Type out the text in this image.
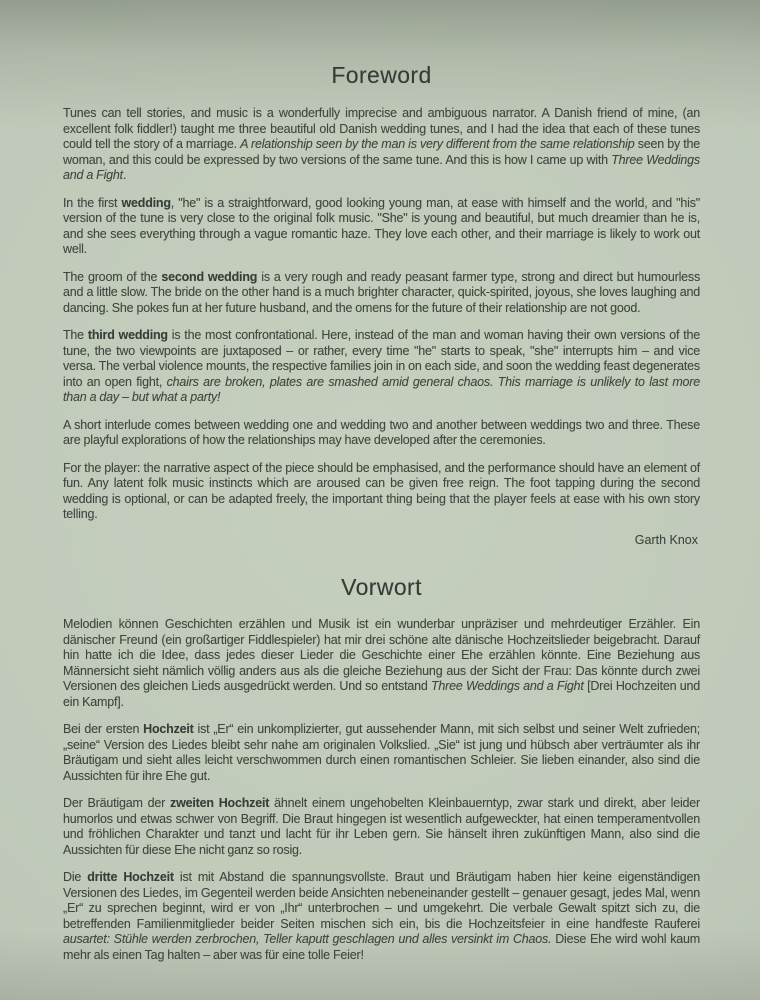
Foreword

Tunes can tell stories, and music is a wonderfully imprecise and ambiguous narrator. A Danish friend of mine, (an excellent folk fiddler!) taught me three beautiful old Danish wedding tunes, and I had the idea that each of these tunes could tell the story of a marriage. A relationship seen by the man is very different from the same relationship seen by the woman, and this could be expressed by two versions of the same tune. And this is how I came up with Three Weddings and a Fight.

In the first wedding, "he" is a straightforward, good looking young man, at ease with himself and the world, and "his" version of the tune is very close to the original folk music. "She" is young and beautiful, but much dreamier than he is, and she sees everything through a vague romantic haze. They love each other, and their marriage is likely to work out well.

The groom of the second wedding is a very rough and ready peasant farmer type, strong and direct but humourless and a little slow. The bride on the other hand is a much brighter character, quick-spirited, joyous, she loves laughing and dancing. She pokes fun at her future husband, and the omens for the future of their relationship are not good.

The third wedding is the most confrontational. Here, instead of the man and woman having their own versions of the tune, the two viewpoints are juxtaposed – or rather, every time "he" starts to speak, "she" interrupts him – and vice versa. The verbal violence mounts, the respective families join in on each side, and soon the wedding feast degenerates into an open fight, chairs are broken, plates are smashed amid general chaos. This marriage is unlikely to last more than a day – but what a party!

A short interlude comes between wedding one and wedding two and another between weddings two and three. These are playful explorations of how the relationships may have developed after the ceremonies.

For the player: the narrative aspect of the piece should be emphasised, and the performance should have an element of fun. Any latent folk music instincts which are aroused can be given free reign. The foot tapping during the second wedding is optional, or can be adapted freely, the important thing being that the player feels at ease with his own story telling.

Garth Knox

Vorwort

Melodien können Geschichten erzählen und Musik ist ein wunderbar unpräziser und mehrdeutiger Erzähler. Ein dänischer Freund (ein großartiger Fiddlespieler) hat mir drei schöne alte dänische Hochzeitslieder beigebracht. Darauf hin hatte ich die Idee, dass jedes dieser Lieder die Geschichte einer Ehe erzählen könnte. Eine Beziehung aus Männersicht sieht nämlich völlig anders aus als die gleiche Beziehung aus der Sicht der Frau: Das könnte durch zwei Versionen des gleichen Lieds ausgedrückt werden. Und so entstand Three Weddings and a Fight [Drei Hochzeiten und ein Kampf].

Bei der ersten Hochzeit ist „Er“ ein unkomplizierter, gut aussehender Mann, mit sich selbst und seiner Welt zufrieden; „seine“ Version des Liedes bleibt sehr nahe am originalen Volkslied. „Sie“ ist jung und hübsch aber verträumter als ihr Bräutigam und sieht alles leicht verschwommen durch einen romantischen Schleier. Sie lieben einander, also sind die Aussichten für ihre Ehe gut.

Der Bräutigam der zweiten Hochzeit ähnelt einem ungehobelten Kleinbauerntyp, zwar stark und direkt, aber leider humorlos und etwas schwer von Begriff. Die Braut hingegen ist wesentlich aufgeweckter, hat einen temperamentvollen und fröhlichen Charakter und tanzt und lacht für ihr Leben gern. Sie hänselt ihren zukünftigen Mann, also sind die Aussichten für diese Ehe nicht ganz so rosig.

Die dritte Hochzeit ist mit Abstand die spannungsvollste. Braut und Bräutigam haben hier keine eigenständigen Versionen des Liedes, im Gegenteil werden beide Ansichten nebeneinander gestellt – genauer gesagt, jedes Mal, wenn „Er“ zu sprechen beginnt, wird er von „Ihr“ unterbrochen – und umgekehrt. Die verbale Gewalt spitzt sich zu, die betreffenden Familienmitglieder beider Seiten mischen sich ein, bis die Hochzeitsfeier in eine handfeste Rauferei ausartet: Stühle werden zerbrochen, Teller kaputt geschlagen und alles versinkt im Chaos. Diese Ehe wird wohl kaum mehr als einen Tag halten – aber was für eine tolle Feier!
